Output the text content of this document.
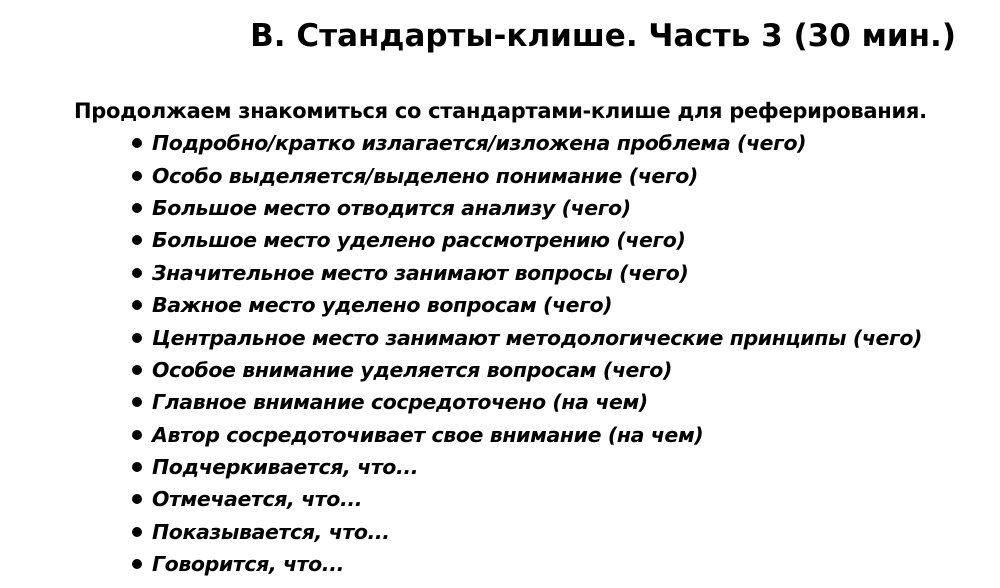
B. Стандарты-клише. Часть 3 (30 мин.)

Продолжаем знакомиться со стандартами-клише для реферирования.

Подробно/кратко излагается/изложена проблема (чего)
Особо выделяется/выделено понимание (чего)
Большое место отводится анализу (чего)
Большое место уделено рассмотрению (чего)
Значительное место занимают вопросы (чего)
Важное место уделено вопросам (чего)
Центральное место занимают методологические принципы (чего)
Особое внимание уделяется вопросам (чего)
Главное внимание сосредоточено (на чем)
Автор сосредоточивает свое внимание (на чем)
Подчеркивается, что...
Отмечается, что...
Показывается, что...
Говорится, что...
